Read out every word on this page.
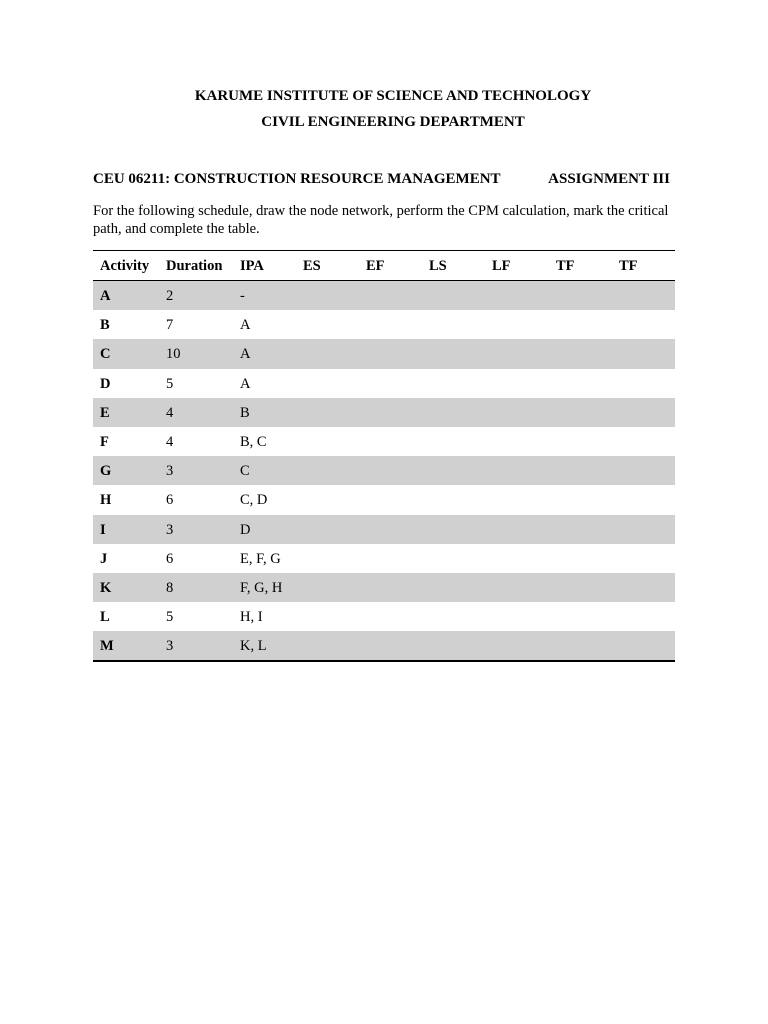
KARUME INSTITUTE OF SCIENCE AND TECHNOLOGY
CIVIL ENGINEERING DEPARTMENT
CEU 06211: CONSTRUCTION RESOURCE MANAGEMENT	ASSIGNMENT III
For the following schedule, draw the node network, perform the CPM calculation, mark the critical path, and complete the table.
Activity Duration IPA	ES	EF	LS	LF	TF	TF
A	2	-
B	7	A
C	10	A
D	5	A
E	4	B
F	4	B, C
G	3	C
H	6	C, D
I	3	D
J	6	E, F, G
K	8	F, G, H
L	5	H, I
M	3	K, L
